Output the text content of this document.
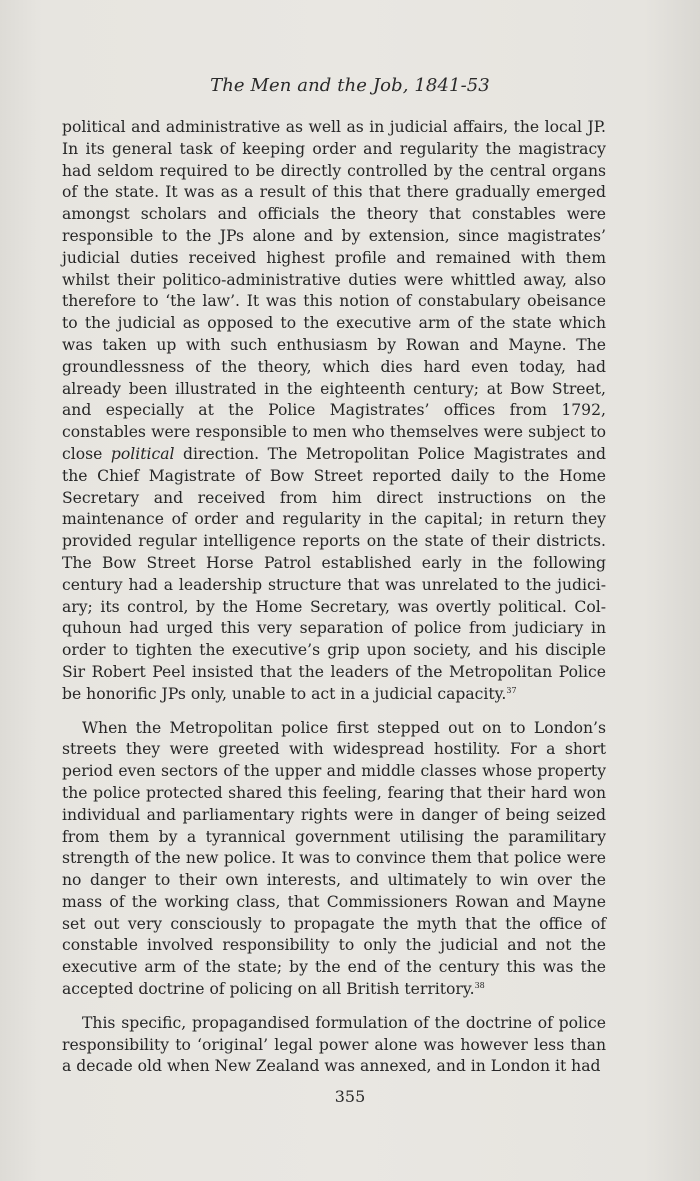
The Men and the Job, 1841-53

political and administrative as well as in judicial affairs, the local JP. In its general task of keeping order and regularity the magistracy had seldom required to be directly controlled by the central organs of the state. It was as a result of this that there gradually emerged amongst scholars and officials the theory that constables were responsible to the JPs alone and by extension, since magistrates’ judicial duties received highest profile and remained with them whilst their politico-administrative duties were whittled away, also therefore to ‘the law’. It was this notion of constabulary obeisance to the judicial as opposed to the executive arm of the state which was taken up with such enthusiasm by Rowan and Mayne. The groundlessness of the theory, which dies hard even today, had already been illustrated in the eighteenth century; at Bow Street, and especially at the Police Magistrates’ offices from 1792, constables were responsible to men who themselves were subject to close political direction. The Metropolitan Police Magistrates and the Chief Magistrate of Bow Street reported daily to the Home Secretary and received from him direct instructions on the maintenance of order and regularity in the capital; in return they provided regular intelligence reports on the state of their districts. The Bow Street Horse Patrol established early in the following century had a leadership structure that was unrelated to the judiciary; its control, by the Home Secretary, was overtly political. Colquhoun had urged this very separation of police from judiciary in order to tighten the executive’s grip upon society, and his disciple Sir Robert Peel insisted that the leaders of the Metropolitan Police be honorific JPs only, unable to act in a judicial capacity.$^{37}$

When the Metropolitan police first stepped out on to London’s streets they were greeted with widespread hostility. For a short period even sectors of the upper and middle classes whose property the police protected shared this feeling, fearing that their hard won individual and parliamentary rights were in danger of being seized from them by a tyrannical government utilising the paramilitary strength of the new police. It was to convince them that police were no danger to their own interests, and ultimately to win over the mass of the working class, that Commissioners Rowan and Mayne set out very consciously to propagate the myth that the office of constable involved responsibility to only the judicial and not the executive arm of the state; by the end of the century this was the accepted doctrine of policing on all British territory.$^{38}$

This specific, propagandised formulation of the doctrine of police responsibility to ‘original’ legal power alone was however less than a decade old when New Zealand was annexed, and in London it had

355
